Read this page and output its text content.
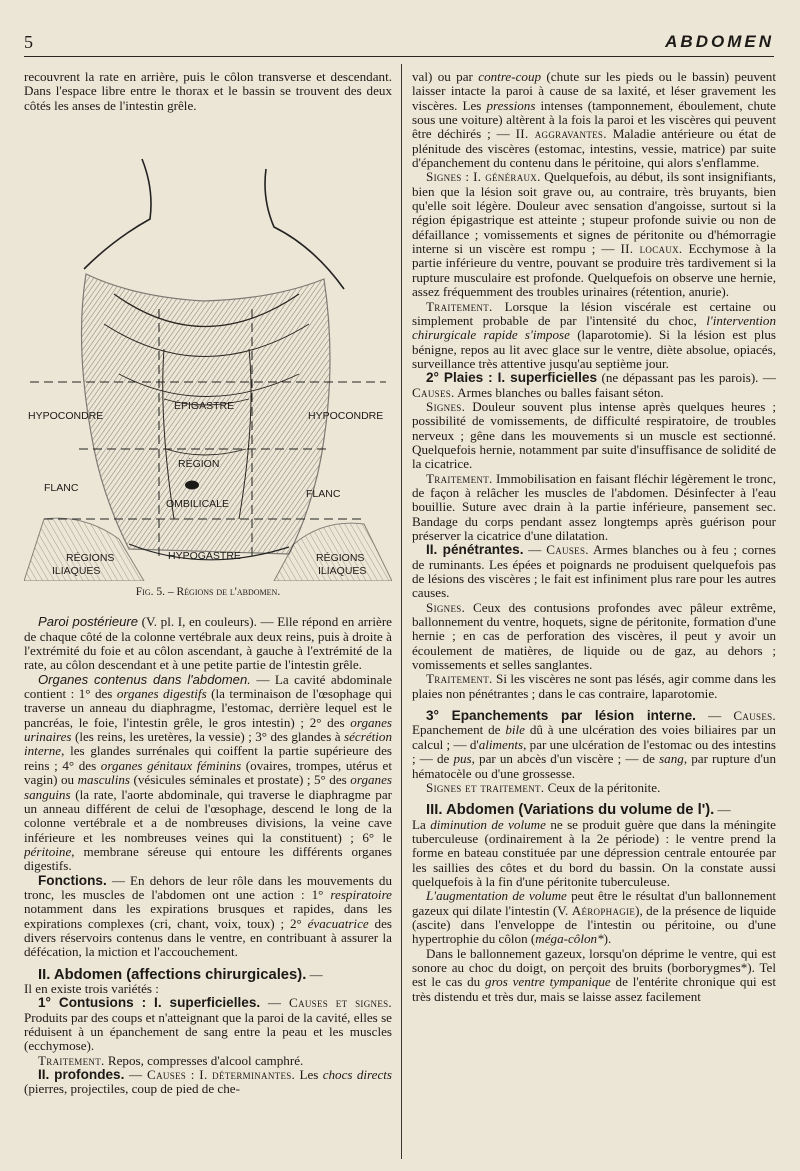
5	ABDOMEN

recouvrent la rate en arrière, puis le côlon transverse et descendant. Dans l'espace libre entre le thorax et le bassin se trouvent des deux côtés les anses de l'intestin grêle.

HYPOCONDRE
ÉPIGASTRE
HYPOCONDRE
RÉGION
FLANC
OMBILICALE
FLANC
RÉGIONS
ILIAQUES
HYPOGASTRE	RÉGIONS
ILIAQUES

Fig. 5. – Régions de l'abdomen.

Paroi postérieure (V. pl. I, en couleurs). — Elle répond en arrière de chaque côté de la colonne vertébrale aux deux reins, puis à droite à l'extrémité du foie et au côlon ascendant, à gauche à l'extrémité de la rate, au côlon descendant et à une petite partie de l'intestin grêle.

Organes contenus dans l'abdomen. — La cavité abdominale contient : 1° des organes digestifs (la terminaison de l'œsophage qui traverse un anneau du diaphragme, l'estomac, derrière lequel est le pancréas, le foie, l'intestin grêle, le gros intestin) ; 2° des organes urinaires (les reins, les uretères, la vessie) ; 3° des glandes à sécrétion interne, les glandes surrénales qui coiffent la partie supérieure des reins ; 4° des organes génitaux féminins (ovaires, trompes, utérus et vagin) ou masculins (vésicules séminales et prostate) ; 5° des organes sanguins (la rate, l'aorte abdominale, qui traverse le diaphragme par un anneau différent de celui de l'œsophage, descend le long de la colonne vertébrale et a de nombreuses divisions, la veine cave inférieure et les nombreuses veines qui la constituent) ; 6° le péritoine, membrane séreuse qui entoure les différents organes digestifs.

Fonctions. — En dehors de leur rôle dans les mouvements du tronc, les muscles de l'abdomen ont une action : 1° respiratoire notamment dans les expirations brusques et rapides, dans les expirations complexes (cri, chant, voix, toux) ; 2° évacuatrice des divers réservoirs contenus dans le ventre, en contribuant à assurer la défécation, la miction et l'accouchement.

II. Abdomen (affections chirurgicales). —

Il en existe trois variétés :

1° Contusions : I. superficielles. — Causes et signes. Produits par des coups et n'atteignant que la paroi de la cavité, elles se réduisent à un épanchement de sang entre la peau et les muscles (ecchymose).

Traitement. Repos, compresses d'alcool camphré.

II. profondes. — Causes : I. déterminantes. Les chocs directs (pierres, projectiles, coup de pied de che-

val) ou par contre-coup (chute sur les pieds ou le bassin) peuvent laisser intacte la paroi à cause de sa laxité, et léser gravement les viscères. Les pressions intenses (tamponnement, éboulement, chute sous une voiture) altèrent à la fois la paroi et les viscères qui peuvent être déchirés ; — II. aggravantes. Maladie antérieure ou état de plénitude des viscères (estomac, intestins, vessie, matrice) par suite d'épanchement du contenu dans le péritoine, qui alors s'enflamme.

Signes : I. généraux. Quelquefois, au début, ils sont insignifiants, bien que la lésion soit grave ou, au contraire, très bruyants, bien qu'elle soit légère. Douleur avec sensation d'angoisse, surtout si la région épigastrique est atteinte ; stupeur profonde suivie ou non de défaillance ; vomissements et signes de péritonite ou d'hémorragie interne si un viscère est rompu ; — II. locaux. Ecchymose à la partie inférieure du ventre, pouvant se produire très tardivement si la rupture musculaire est profonde. Quelquefois on observe une hernie, assez fréquemment des troubles urinaires (rétention, anurie).

Traitement. Lorsque la lésion viscérale est certaine ou simplement probable de par l'intensité du choc, l'intervention chirurgicale rapide s'impose (laparotomie). Si la lésion est plus bénigne, repos au lit avec glace sur le ventre, diète absolue, opiacés, surveillance très attentive jusqu'au septième jour.

2° Plaies : I. superficielles (ne dépassant pas les parois). — Causes. Armes blanches ou balles faisant séton.

Signes. Douleur souvent plus intense après quelques heures ; possibilité de vomissements, de difficulté respiratoire, de troubles nerveux ; gêne dans les mouvements si un muscle est sectionné. Quelquefois hernie, notamment par suite d'insuffisance de solidité de la cicatrice.

Traitement. Immobilisation en faisant fléchir légèrement le tronc, de façon à relâcher les muscles de l'abdomen. Désinfecter à l'eau bouillie. Suture avec drain à la partie inférieure, pansement sec. Bandage du corps pendant assez longtemps après guérison pour préserver la cicatrice d'une dilatation.

II. pénétrantes. — Causes. Armes blanches ou à feu ; cornes de ruminants. Les épées et poignards ne produisent quelquefois pas de lésions des viscères ; le fait est infiniment plus rare pour les autres causes.

Signes. Ceux des contusions profondes avec pâleur extrême, ballonnement du ventre, hoquets, signe de péritonite, formation d'une hernie ; en cas de perforation des viscères, il peut y avoir un écoulement de matières, de liquide ou de gaz, au dehors ; vomissements et selles sanglantes.

Traitement. Si les viscères ne sont pas lésés, agir comme dans les plaies non pénétrantes ; dans le cas contraire, laparotomie.

3° Epanchements par lésion interne. — Causes. Epanchement de bile dû à une ulcération des voies biliaires par un calcul ; — d'aliments, par une ulcération de l'estomac ou des intestins ; — de pus, par un abcès d'un viscère ; — de sang, par rupture d'un hématocèle ou d'une grossesse.

Signes et traitement. Ceux de la péritonite.

III. Abdomen (Variations du volume de l'). —

La diminution de volume ne se produit guère que dans la méningite tuberculeuse (ordinairement à la 2e période) : le ventre prend la forme en bateau constituée par une dépression centrale entourée par les saillies des côtes et du bord du bassin. On la constate aussi quelquefois à la fin d'une péritonite tuberculeuse.

L'augmentation de volume peut être le résultat d'un ballonnement gazeux qui dilate l'intestin (V. Aérophagie), de la présence de liquide (ascite) dans l'enveloppe de l'intestin ou péritoine, ou d'une hypertrophie du côlon (méga-côlon*).

Dans le ballonnement gazeux, lorsqu'on déprime le ventre, qui est sonore au choc du doigt, on perçoit des bruits (borborygmes*). Tel est le cas du gros ventre tympanique de l'entérite chronique qui est très distendu et très dur, mais se laisse assez facilement
